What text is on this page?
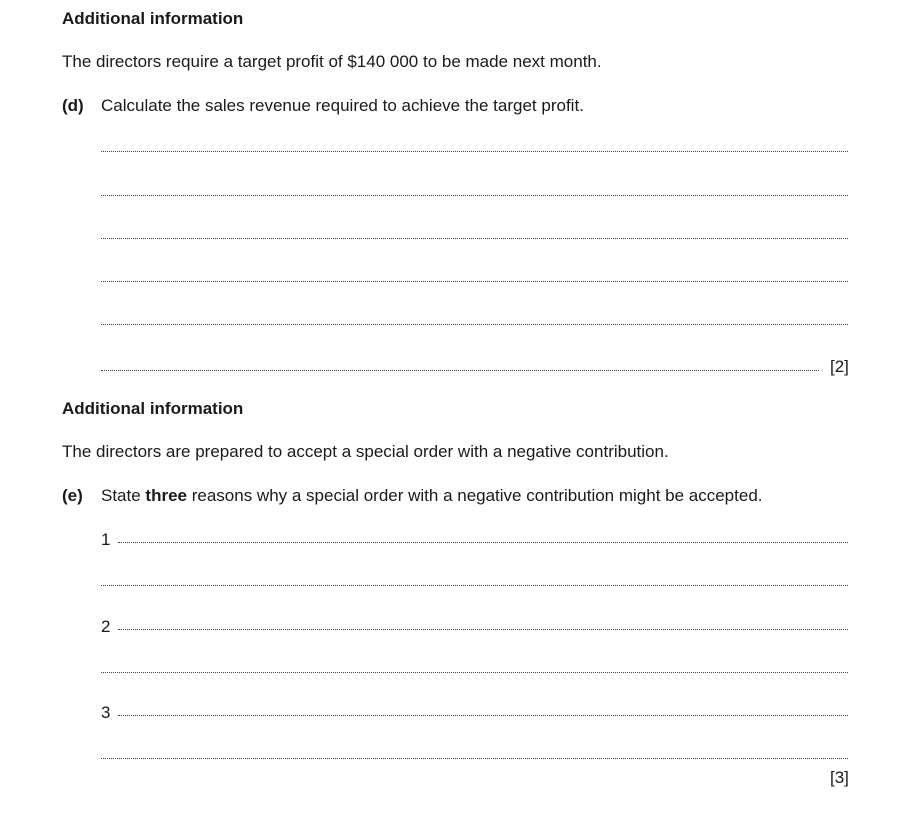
Additional information
The directors require a target profit of $140 000 to be made next month.
(d) Calculate the sales revenue required to achieve the target profit.
[2]
Additional information
The directors are prepared to accept a special order with a negative contribution.
(e) State three reasons why a special order with a negative contribution might be accepted.
1
2
3
[3]
